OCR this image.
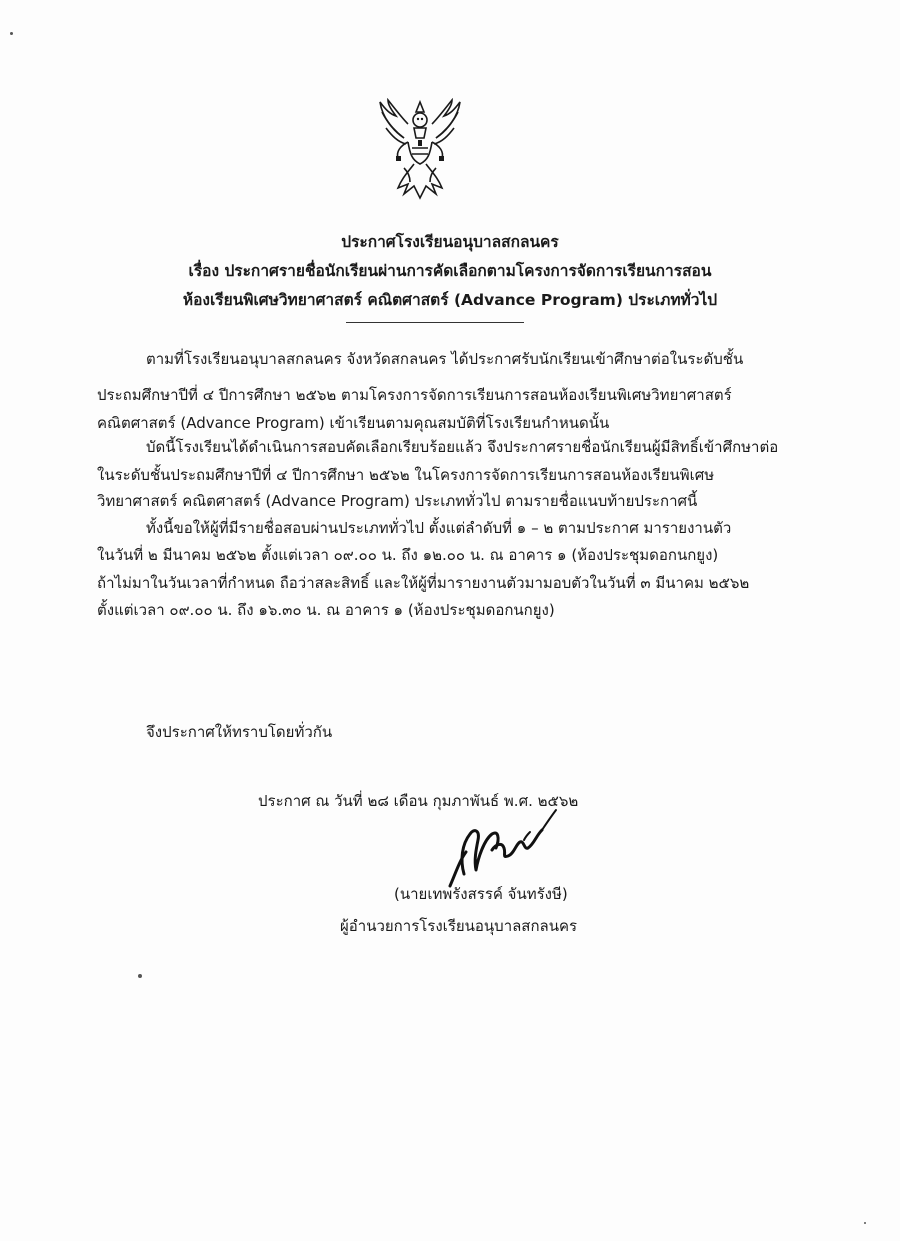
ประกาศโรงเรียนอนุบาลสกลนคร
เรื่อง ประกาศรายชื่อนักเรียนผ่านการคัดเลือกตามโครงการจัดการเรียนการสอน
ห้องเรียนพิเศษวิทยาศาสตร์ คณิตศาสตร์ (Advance Program) ประเภททั่วไป
ตามที่โรงเรียนอนุบาลสกลนคร จังหวัดสกลนคร ได้ประกาศรับนักเรียนเข้าศึกษาต่อในระดับชั้น
ประถมศึกษาปีที่ ๔ ปีการศึกษา ๒๕๖๒ ตามโครงการจัดการเรียนการสอนห้องเรียนพิเศษวิทยาศาสตร์
คณิตศาสตร์ (Advance Program) เข้าเรียนตามคุณสมบัติที่โรงเรียนกำหนดนั้น
บัดนี้โรงเรียนได้ดำเนินการสอบคัดเลือกเรียบร้อยแล้ว จึงประกาศรายชื่อนักเรียนผู้มีสิทธิ์เข้าศึกษาต่อ
ในระดับชั้นประถมศึกษาปีที่ ๔ ปีการศึกษา ๒๕๖๒ ในโครงการจัดการเรียนการสอนห้องเรียนพิเศษ
วิทยาศาสตร์ คณิตศาสตร์ (Advance Program) ประเภททั่วไป ตามรายชื่อแนบท้ายประกาศนี้
ทั้งนี้ขอให้ผู้ที่มีรายชื่อสอบผ่านประเภททั่วไป ตั้งแต่ลำดับที่ ๑ – ๒ ตามประกาศ มารายงานตัว
ในวันที่ ๒ มีนาคม ๒๕๖๒ ตั้งแต่เวลา ๐๙.๐๐ น. ถึง ๑๒.๐๐ น. ณ อาคาร ๑ (ห้องประชุมดอกนกยูง)
ถ้าไม่มาในวันเวลาที่กำหนด ถือว่าสละสิทธิ์ และให้ผู้ที่มารายงานตัวมามอบตัวในวันที่ ๓ มีนาคม ๒๕๖๒
ตั้งแต่เวลา ๐๙.๐๐ น. ถึง ๑๖.๓๐ น. ณ อาคาร ๑ (ห้องประชุมดอกนกยูง)
จึงประกาศให้ทราบโดยทั่วกัน
ประกาศ ณ วันที่ ๒๘ เดือน กุมภาพันธ์ พ.ศ. ๒๕๖๒
(นายเทพรังสรรค์ จันทรังษี)
ผู้อำนวยการโรงเรียนอนุบาลสกลนคร
